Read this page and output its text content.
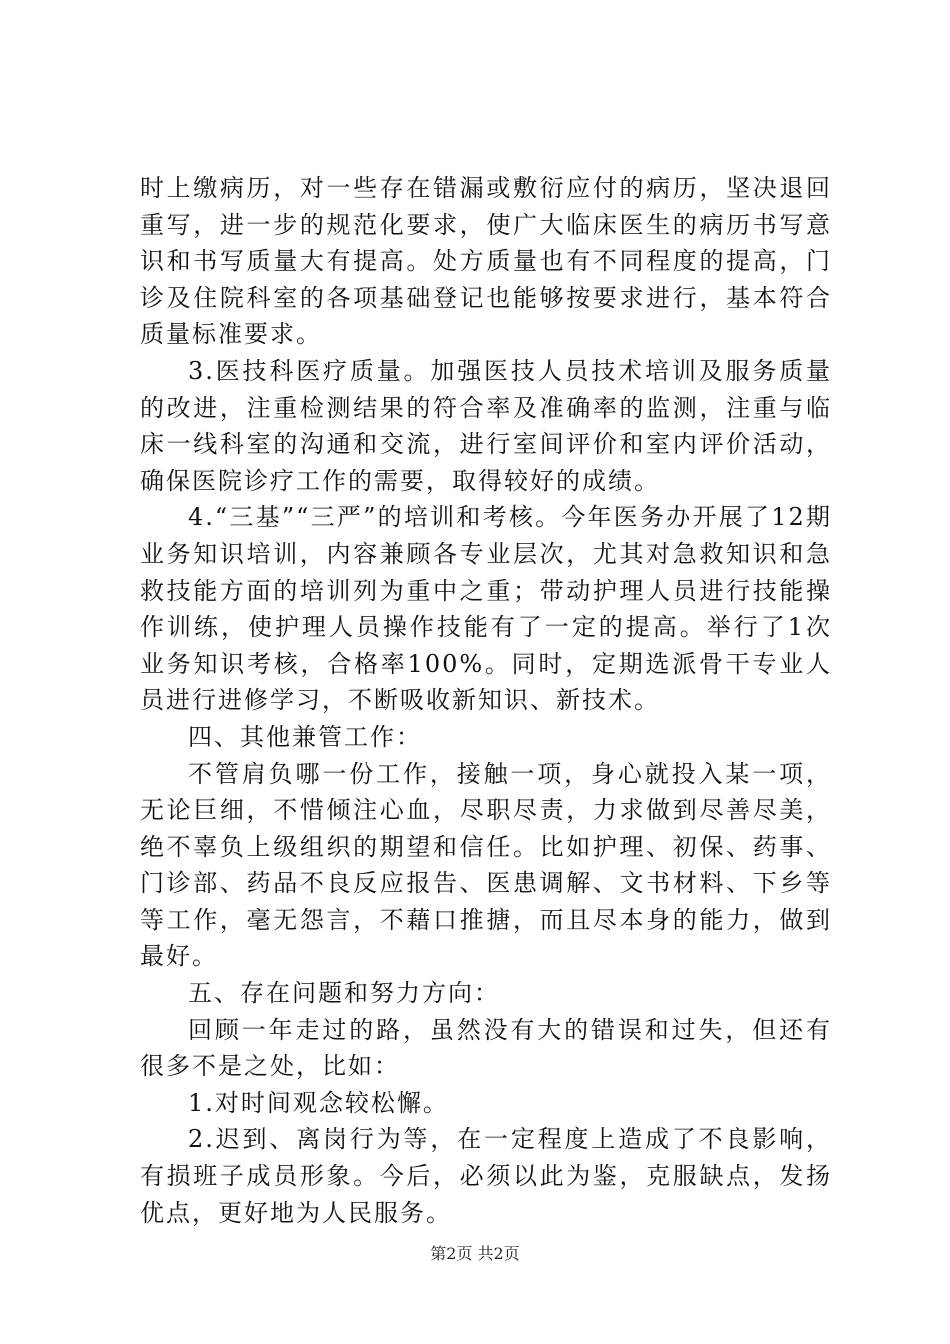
时上缴病历，对一些存在错漏或敷衍应付的病历，坚决退回重写，进一步的规范化要求，使广大临床医生的病历书写意识和书写质量大有提高。处方质量也有不同程度的提高，门诊及住院科室的各项基础登记也能够按要求进行，基本符合质量标准要求。

3.医技科医疗质量。加强医技人员技术培训及服务质量的改进，注重检测结果的符合率及准确率的监测，注重与临床一线科室的沟通和交流，进行室间评价和室内评价活动，确保医院诊疗工作的需要，取得较好的成绩。

4.“三基”“三严”的培训和考核。今年医务办开展了12期业务知识培训，内容兼顾各专业层次，尤其对急救知识和急救技能方面的培训列为重中之重；带动护理人员进行技能操作训练，使护理人员操作技能有了一定的提高。举行了1次业务知识考核，合格率100%。同时，定期选派骨干专业人员进行进修学习，不断吸收新知识、新技术。

四、其他兼管工作：

不管肩负哪一份工作，接触一项，身心就投入某一项，无论巨细，不惜倾注心血，尽职尽责，力求做到尽善尽美，绝不辜负上级组织的期望和信任。比如护理、初保、药事、门诊部、药品不良反应报告、医患调解、文书材料、下乡等等工作，毫无怨言，不藉口推搪，而且尽本身的能力，做到最好。

五、存在问题和努力方向：

回顾一年走过的路，虽然没有大的错误和过失，但还有很多不是之处，比如：

1.对时间观念较松懈。

2.迟到、离岗行为等，在一定程度上造成了不良影响，有损班子成员形象。今后，必须以此为鉴，克服缺点，发扬优点，更好地为人民服务。

第2页 共2页
